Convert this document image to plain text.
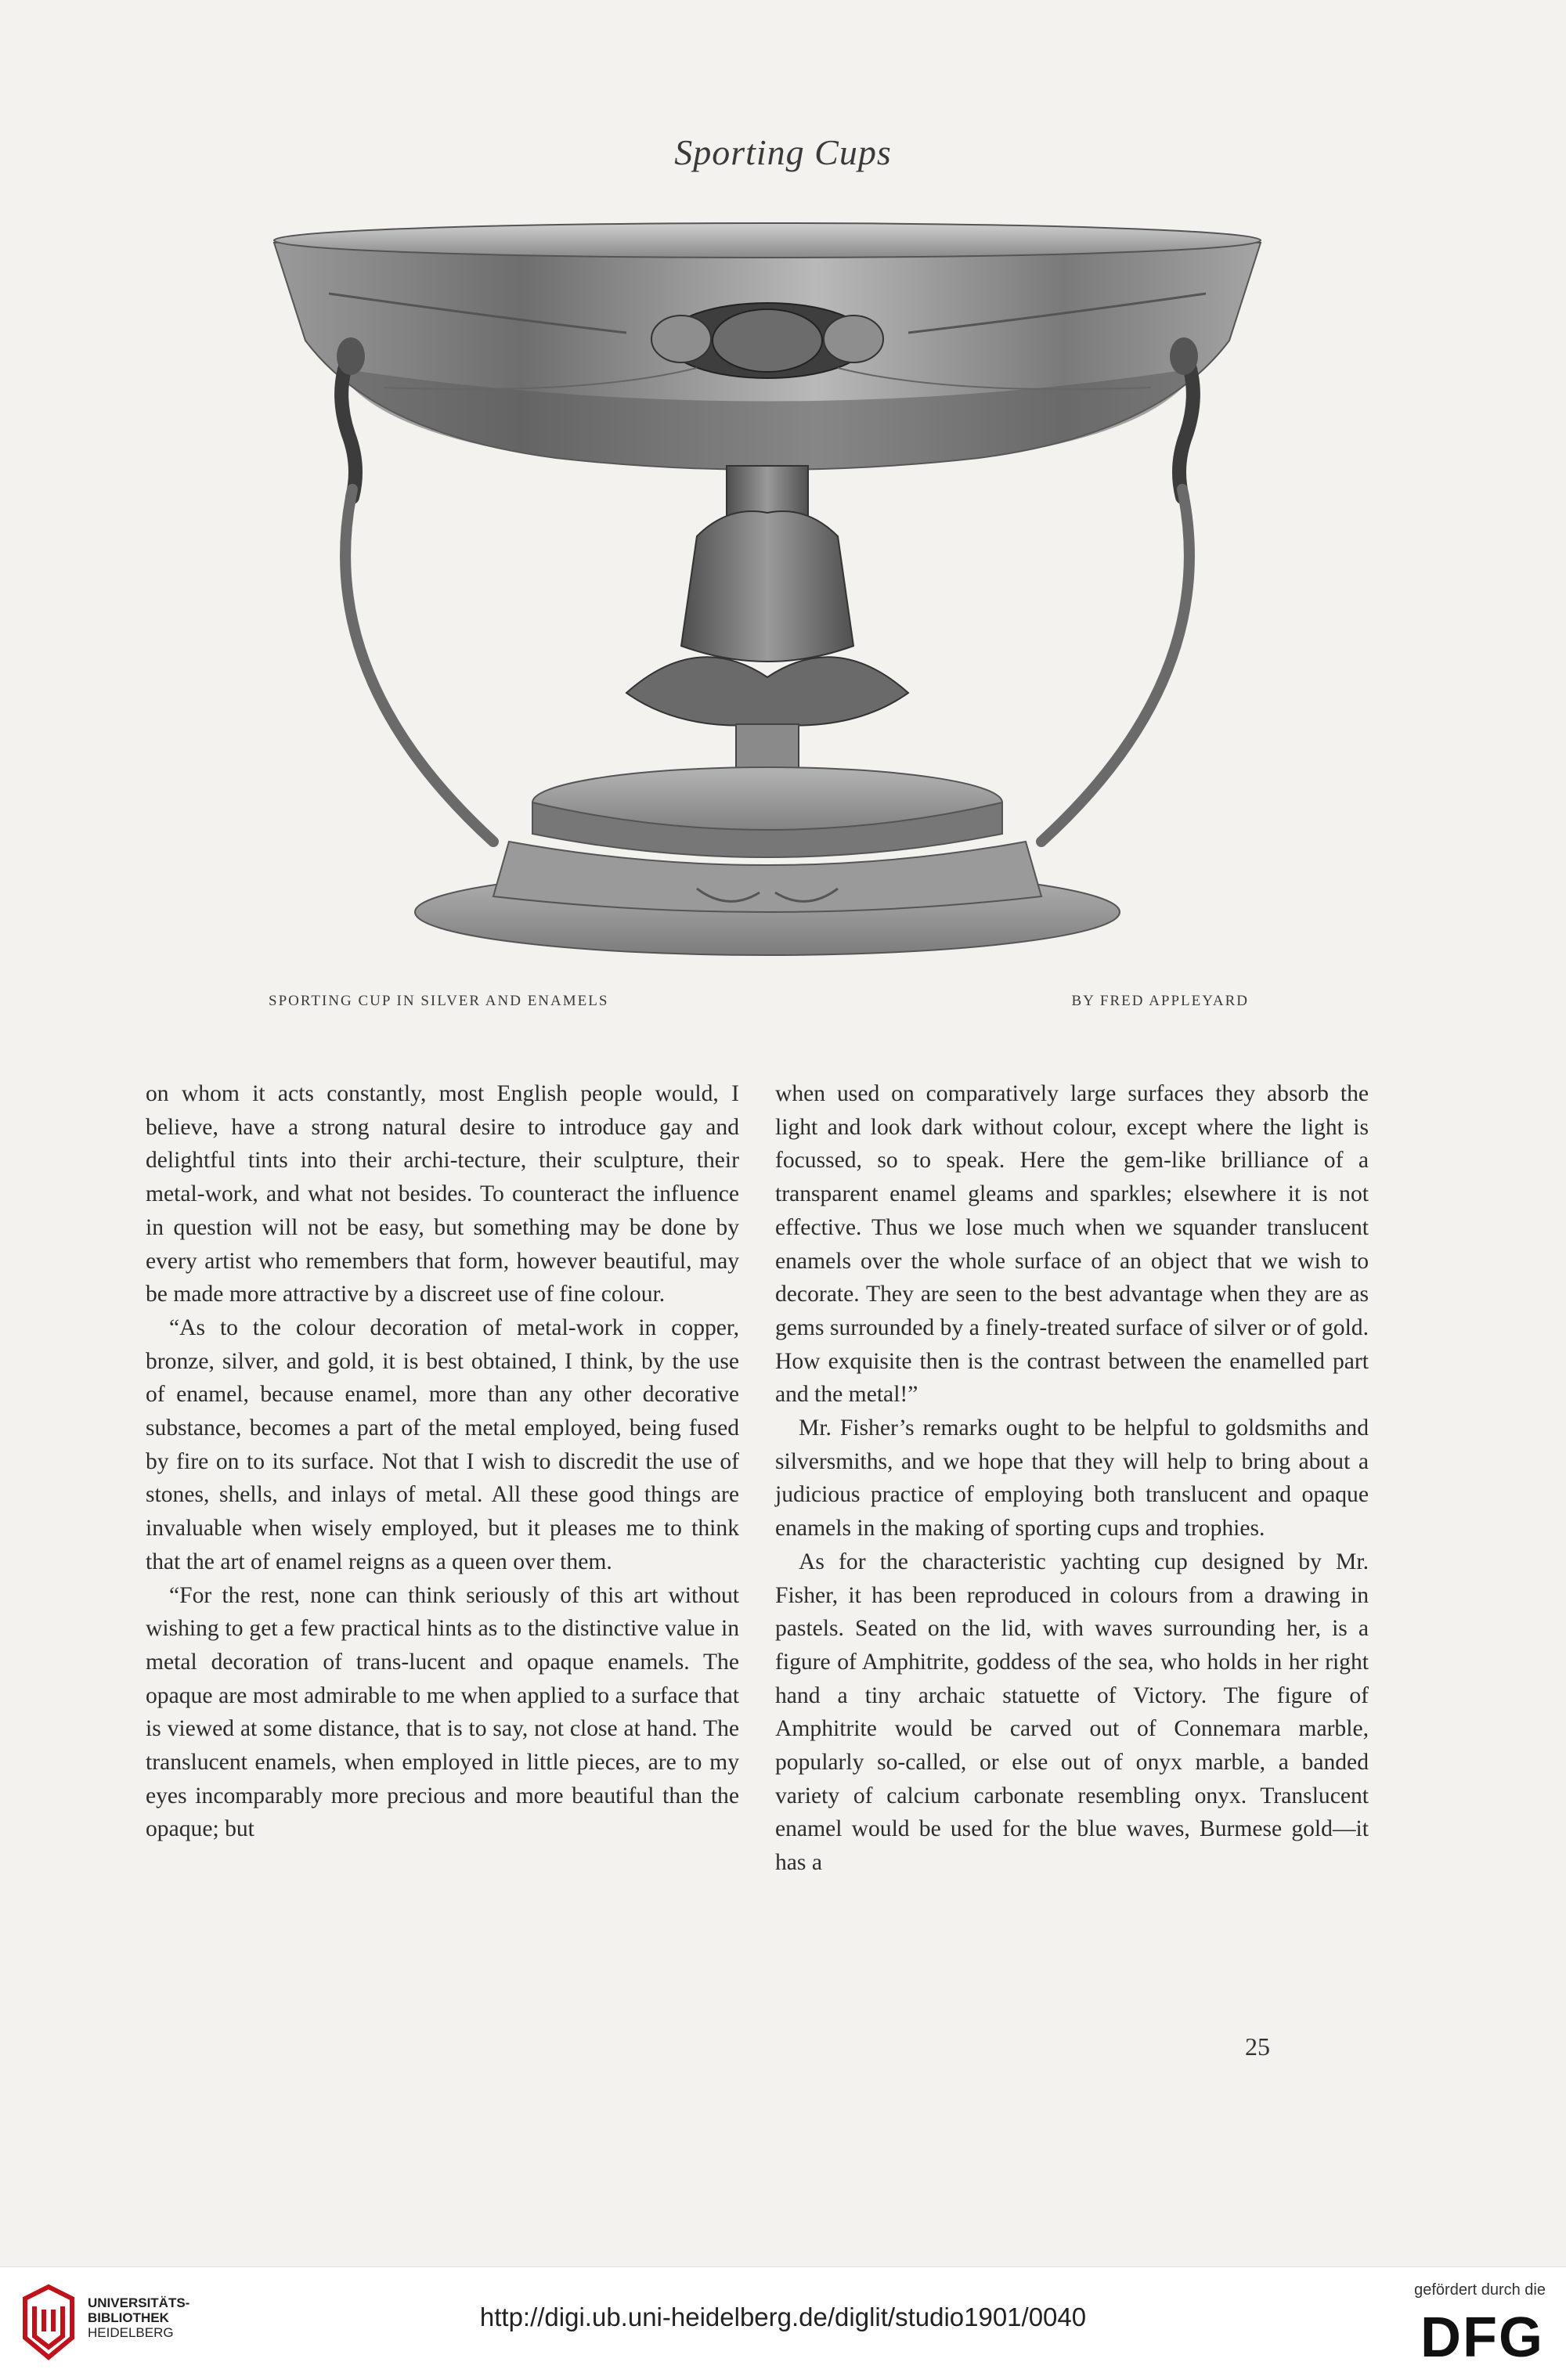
Sporting Cups
SPORTING CUP IN SILVER AND ENAMELS	BY FRED APPLEYARD

on whom it acts constantly, most English people would, I believe, have a strong natural desire to introduce gay and delightful tints into their archi-tecture, their sculpture, their metal-work, and what not besides. To counteract the influence in question will not be easy, but something may be done by every artist who remembers that form, however beautiful, may be made more attractive by a discreet use of fine colour.

“As to the colour decoration of metal-work in copper, bronze, silver, and gold, it is best obtained, I think, by the use of enamel, because enamel, more than any other decorative substance, becomes a part of the metal employed, being fused by fire on to its surface. Not that I wish to discredit the use of stones, shells, and inlays of metal. All these good things are invaluable when wisely employed, but it pleases me to think that the art of enamel reigns as a queen over them.

“For the rest, none can think seriously of this art without wishing to get a few practical hints as to the distinctive value in metal decoration of trans-lucent and opaque enamels. The opaque are most admirable to me when applied to a surface that is viewed at some distance, that is to say, not close at hand. The translucent enamels, when employed in little pieces, are to my eyes incomparably more precious and more beautiful than the opaque; but

when used on comparatively large surfaces they absorb the light and look dark without colour, except where the light is focussed, so to speak. Here the gem-like brilliance of a transparent enamel gleams and sparkles; elsewhere it is not effective. Thus we lose much when we squander translucent enamels over the whole surface of an object that we wish to decorate. They are seen to the best advantage when they are as gems surrounded by a finely-treated surface of silver or of gold. How exquisite then is the contrast between the enamelled part and the metal!”

Mr. Fisher’s remarks ought to be helpful to goldsmiths and silversmiths, and we hope that they will help to bring about a judicious practice of employing both translucent and opaque enamels in the making of sporting cups and trophies.

As for the characteristic yachting cup designed by Mr. Fisher, it has been reproduced in colours from a drawing in pastels. Seated on the lid, with waves surrounding her, is a figure of Amphitrite, goddess of the sea, who holds in her right hand a tiny archaic statuette of Victory. The figure of Amphitrite would be carved out of Connemara marble, popularly so-called, or else out of onyx marble, a banded variety of calcium carbonate resembling onyx. Translucent enamel would be used for the blue waves, Burmese gold—it has a

25
UNIVERSITÄTS-
BIBLIOTHEK
HEIDELBERG
http://digi.ub.uni-heidelberg.de/diglit/studio1901/0040
gefördert durch die
DFG
